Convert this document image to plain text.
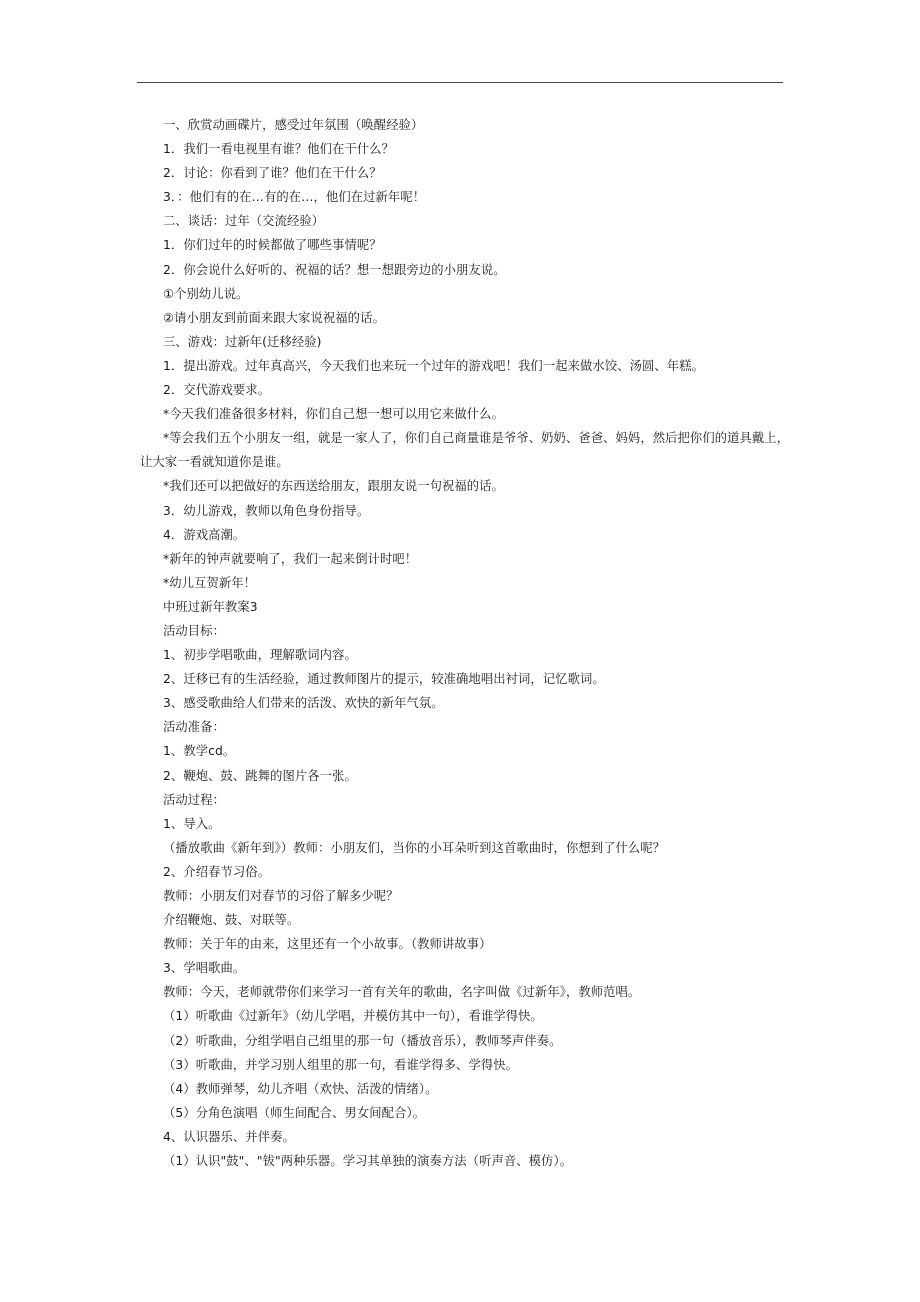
一、欣赏动画碟片，感受过年氛围（唤醒经验）
1．我们一看电视里有谁？他们在干什么？
2．讨论：你看到了谁？他们在干什么？
3．：他们有的在…有的在…，他们在过新年呢！
二、谈话：过年（交流经验）
1．你们过年的时候都做了哪些事情呢？
2．你会说什么好听的、祝福的话？想一想跟旁边的小朋友说。
①个别幼儿说。
②请小朋友到前面来跟大家说祝福的话。
三、游戏：过新年(迁移经验)
1．提出游戏。过年真高兴，今天我们也来玩一个过年的游戏吧！我们一起来做水饺、汤圆、年糕。
2．交代游戏要求。
*今天我们准备很多材料，你们自己想一想可以用它来做什么。
*等会我们五个小朋友一组，就是一家人了，你们自己商量谁是爷爷、奶奶、爸爸、妈妈，然后把你们的道具戴上，让大家一看就知道你是谁。
*我们还可以把做好的东西送给朋友，跟朋友说一句祝福的话。
3．幼儿游戏，教师以角色身份指导。
4．游戏高潮。
*新年的钟声就要响了，我们一起来倒计时吧！
*幼儿互贺新年！
中班过新年教案3
活动目标：
1、初步学唱歌曲，理解歌词内容。
2、迁移已有的生活经验，通过教师图片的提示，较准确地唱出衬词，记忆歌词。
3、感受歌曲给人们带来的活泼、欢快的新年气氛。
活动准备：
1、教学cd。
2、鞭炮、鼓、跳舞的图片各一张。
活动过程：
1、导入。
（播放歌曲《新年到》）教师：小朋友们，当你的小耳朵听到这首歌曲时，你想到了什么呢？
2、介绍春节习俗。
教师：小朋友们对春节的习俗了解多少呢？
介绍鞭炮、鼓、对联等。
教师：关于年的由来，这里还有一个小故事。（教师讲故事）
3、学唱歌曲。
教师：今天，老师就带你们来学习一首有关年的歌曲，名字叫做《过新年》，教师范唱。
（1）听歌曲《过新年》（幼儿学唱，并模仿其中一句），看谁学得快。
（2）听歌曲，分组学唱自己组里的那一句（播放音乐），教师琴声伴奏。
（3）听歌曲，并学习别人组里的那一句，看谁学得多、学得快。
（4）教师弹琴，幼儿齐唱（欢快、活泼的情绪）。
（5）分角色演唱（师生间配合、男女间配合）。
4、认识器乐、并伴奏。
（1）认识"鼓"、"钹"两种乐器。学习其单独的演奏方法（听声音、模仿）。
